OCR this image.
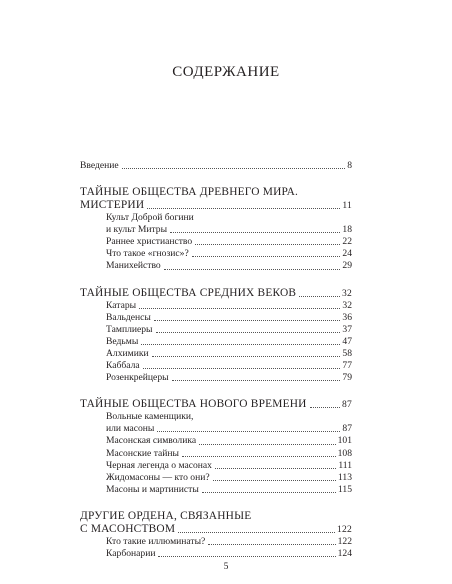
СОДЕРЖАНИЕ
Введение	8
ТАЙНЫЕ ОБЩЕСТВА ДРЕВНЕГО МИРА.
МИСТЕРИИ	11
Культ Доброй богини
и культ Митры	18
Раннее христианство	22
Что такое «гнозис»?	24
Манихейство	29
ТАЙНЫЕ ОБЩЕСТВА СРЕДНИХ ВЕКОВ	32
Катары	32
Вальденсы	36
Тамплиеры	37
Ведьмы	47
Алхимики	58
Каббала	77
Розенкрейцеры	79
ТАЙНЫЕ ОБЩЕСТВА НОВОГО ВРЕМЕНИ	87
Вольные каменщики,
или масоны	87
Масонская символика	101
Масонские тайны	108
Черная легенда о масонах	111
Жидомасоны — кто они?	113
Масоны и мартинисты	115
ДРУГИЕ ОРДЕНА, СВЯЗАННЫЕ
С МАСОНСТВОМ	122
Кто такие иллюминаты?	122
Карбонарии	124
5
